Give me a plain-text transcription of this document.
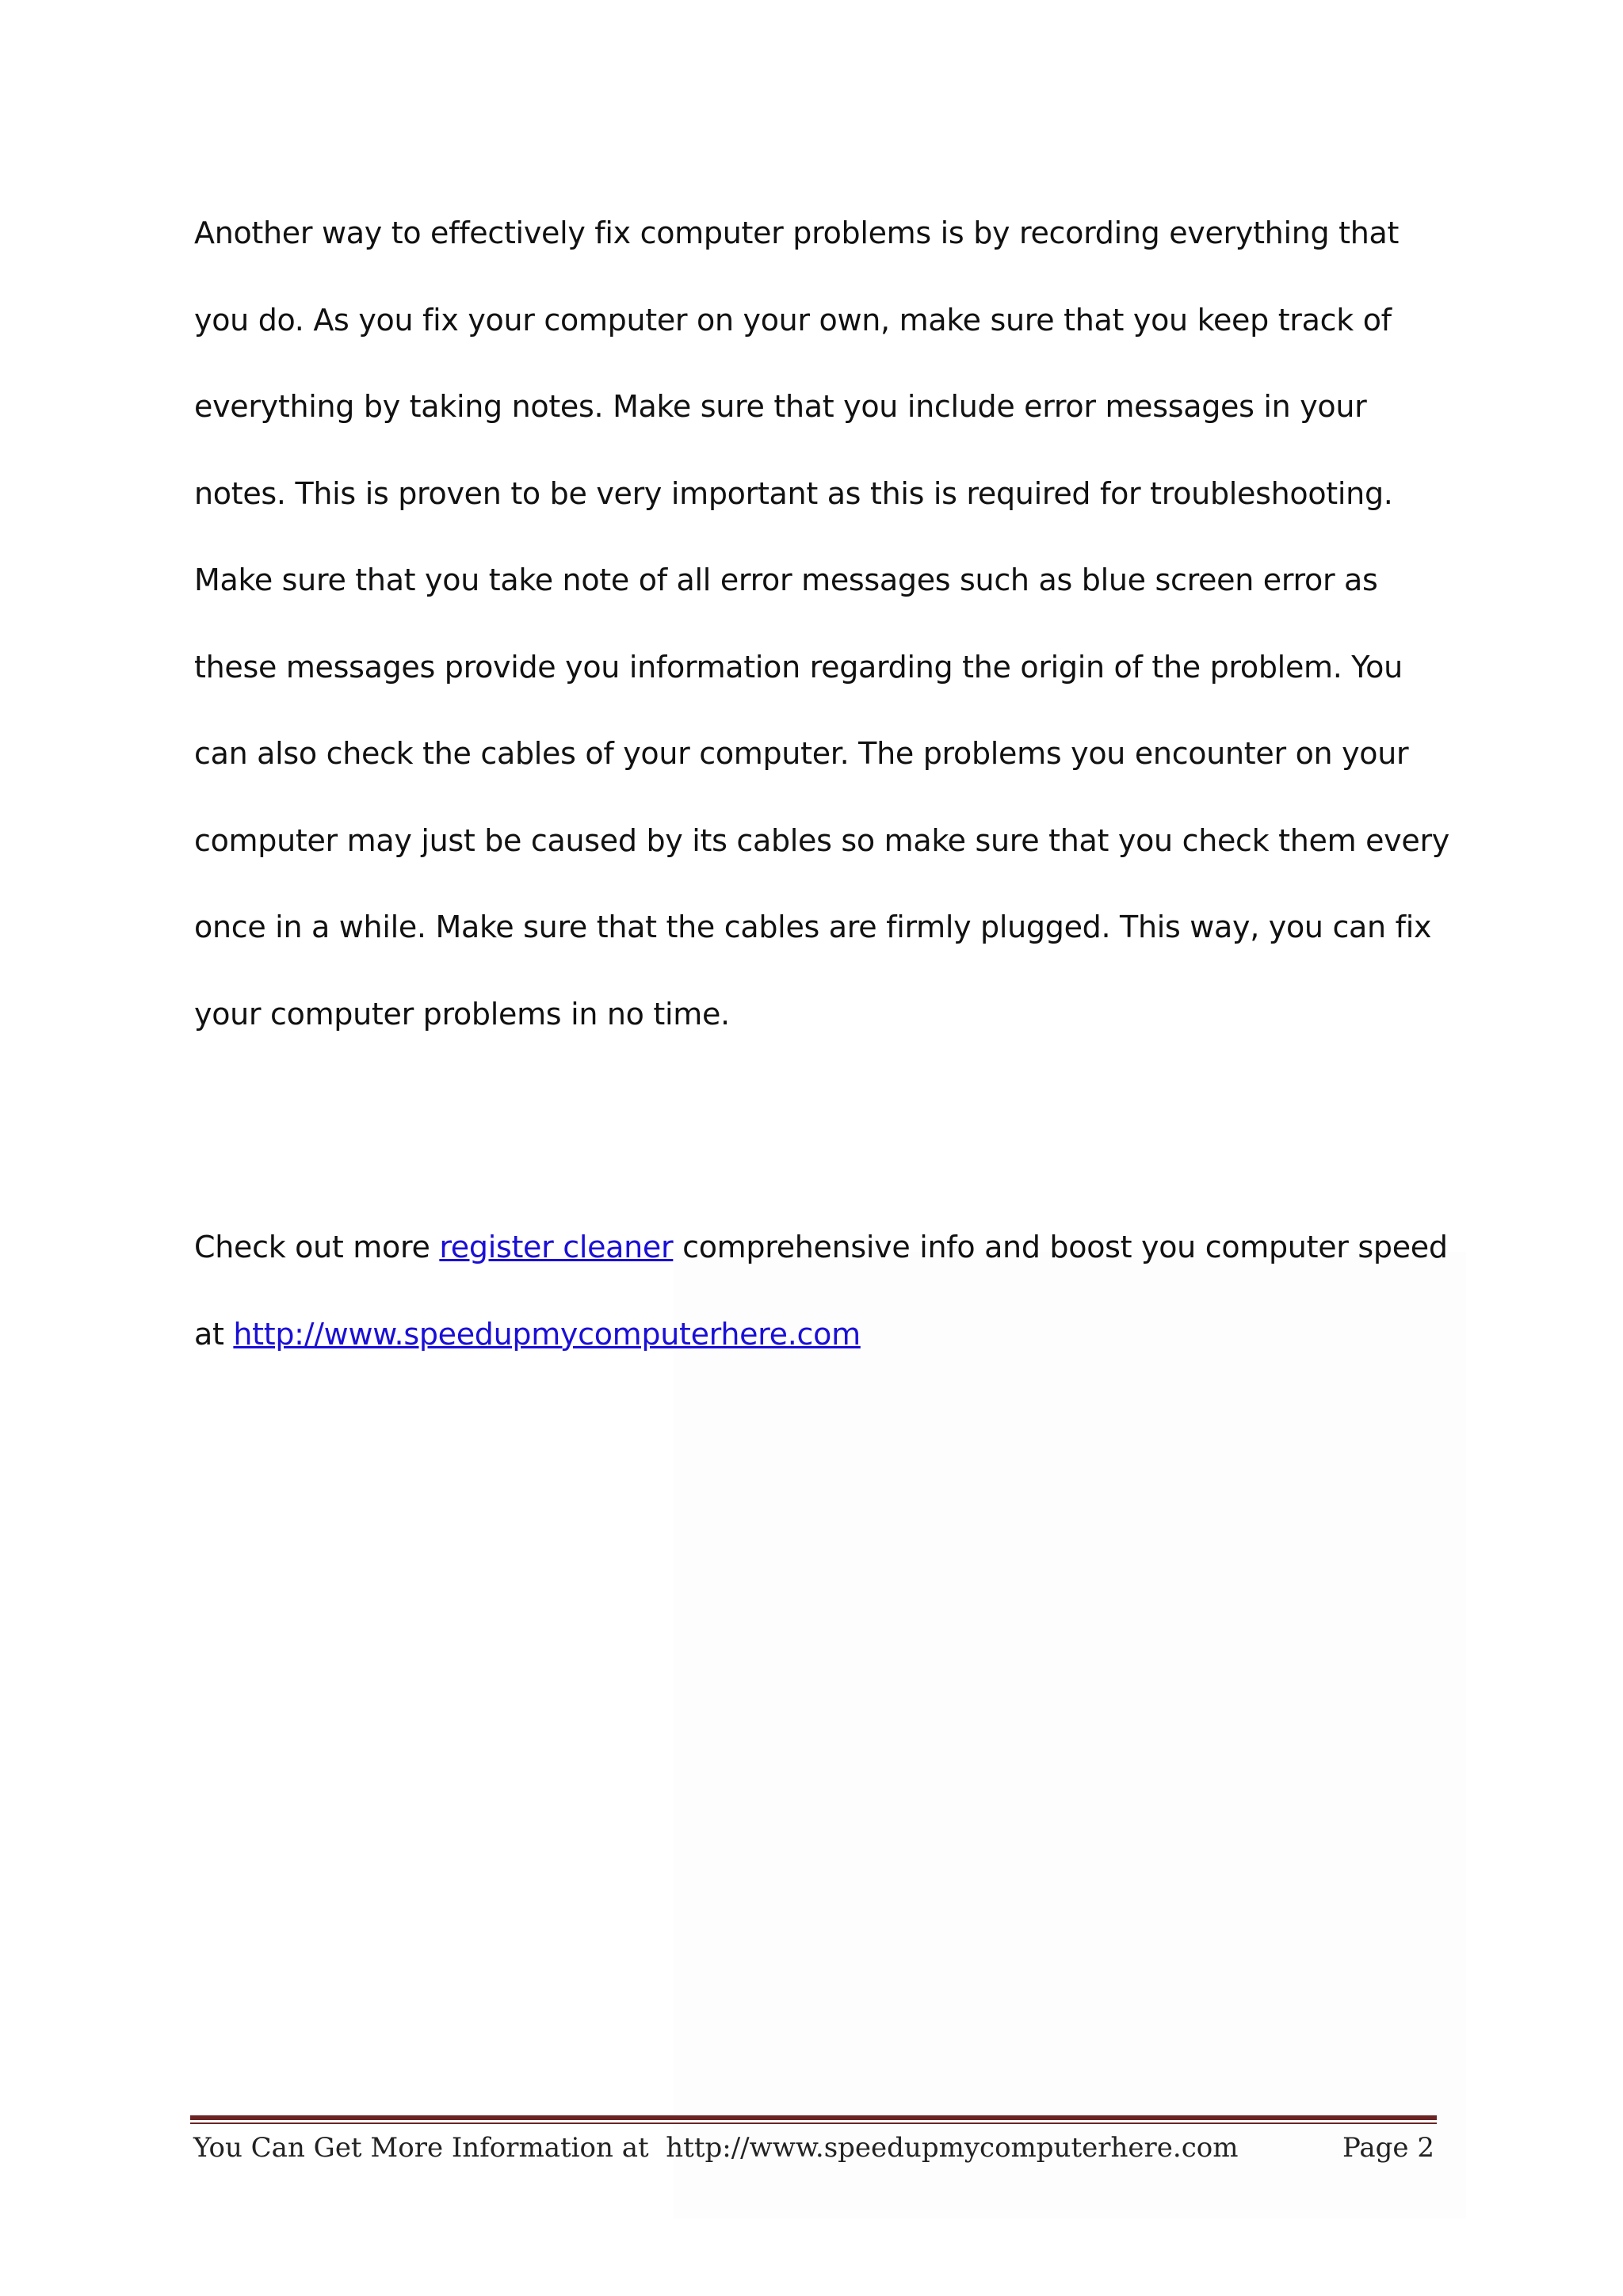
Another way to effectively fix computer problems is by recording everything that you do. As you fix your computer on your own, make sure that you keep track of everything by taking notes. Make sure that you include error messages in your notes. This is proven to be very important as this is required for troubleshooting. Make sure that you take note of all error messages such as blue screen error as these messages provide you information regarding the origin of the problem. You can also check the cables of your computer. The problems you encounter on your computer may just be caused by its cables so make sure that you check them every once in a while. Make sure that the cables are firmly plugged. This way, you can fix your computer problems in no time.

Check out more register cleaner comprehensive info and boost you computer speed at http://www.speedupmycomputerhere.com

You Can Get More Information at  http://www.speedupmycomputerhere.com	Page 2
